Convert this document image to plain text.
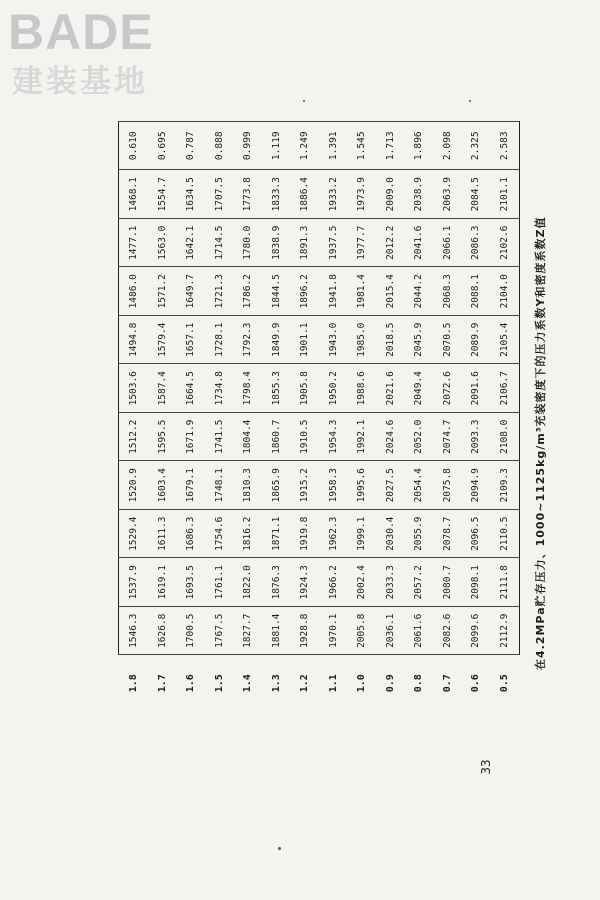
BADE
建装基地
1.8	1546.3	1537.9	1529.4	1520.9	1512.2	1503.6	1494.8	1486.0	1477.1	1468.1	0.610
1.7	1626.8	1619.1	1611.3	1603.4	1595.5	1587.4	1579.4	1571.2	1563.0	1554.7	0.695
1.6	1700.5	1693.5	1686.3	1679.1	1671.9	1664.5	1657.1	1649.7	1642.1	1634.5	0.787
1.5	1767.5	1761.1	1754.6	1748.1	1741.5	1734.8	1728.1	1721.3	1714.5	1707.5	0.888
1.4	1827.7	1822.0	1816.2	1810.3	1804.4	1798.4	1792.3	1786.2	1780.0	1773.8	0.999
1.3	1881.4	1876.3	1871.1	1865.9	1860.7	1855.3	1849.9	1844.5	1838.9	1833.3	1.119
1.2	1928.8	1924.3	1919.8	1915.2	1910.5	1905.8	1901.1	1896.2	1891.3	1886.4	1.249
1.1	1970.1	1966.2	1962.3	1958.3	1954.3	1950.2	1943.0	1941.8	1937.5	1933.2	1.391
1.0	2005.8	2002.4	1999.1	1995.6	1992.1	1988.6	1985.0	1981.4	1977.7	1973.9	1.545
0.9	2036.1	2033.3	2030.4	2027.5	2024.6	2021.6	2018.5	2015.4	2012.2	2009.0	1.713
0.8	2061.6	2057.2	2055.9	2054.4	2052.0	2049.4	2045.9	2044.2	2041.6	2038.9	1.896
0.7	2082.6	2080.7	2078.7	2075.8	2074.7	2072.6	2070.5	2068.3	2066.1	2063.9	2.098
0.6	2099.6	2098.1	2096.5	2094.9	2093.3	2091.6	2089.9	2088.1	2086.3	2084.5	2.325
0.5	2112.9	2111.8	2110.5	2109.3	2108.0	2106.7	2105.4	2104.0	2102.6	2101.1	2.583
在4.2MPa贮存压力、1000~1125kg/m³充装密度下的压力系数Y和密度系数Z值
33
